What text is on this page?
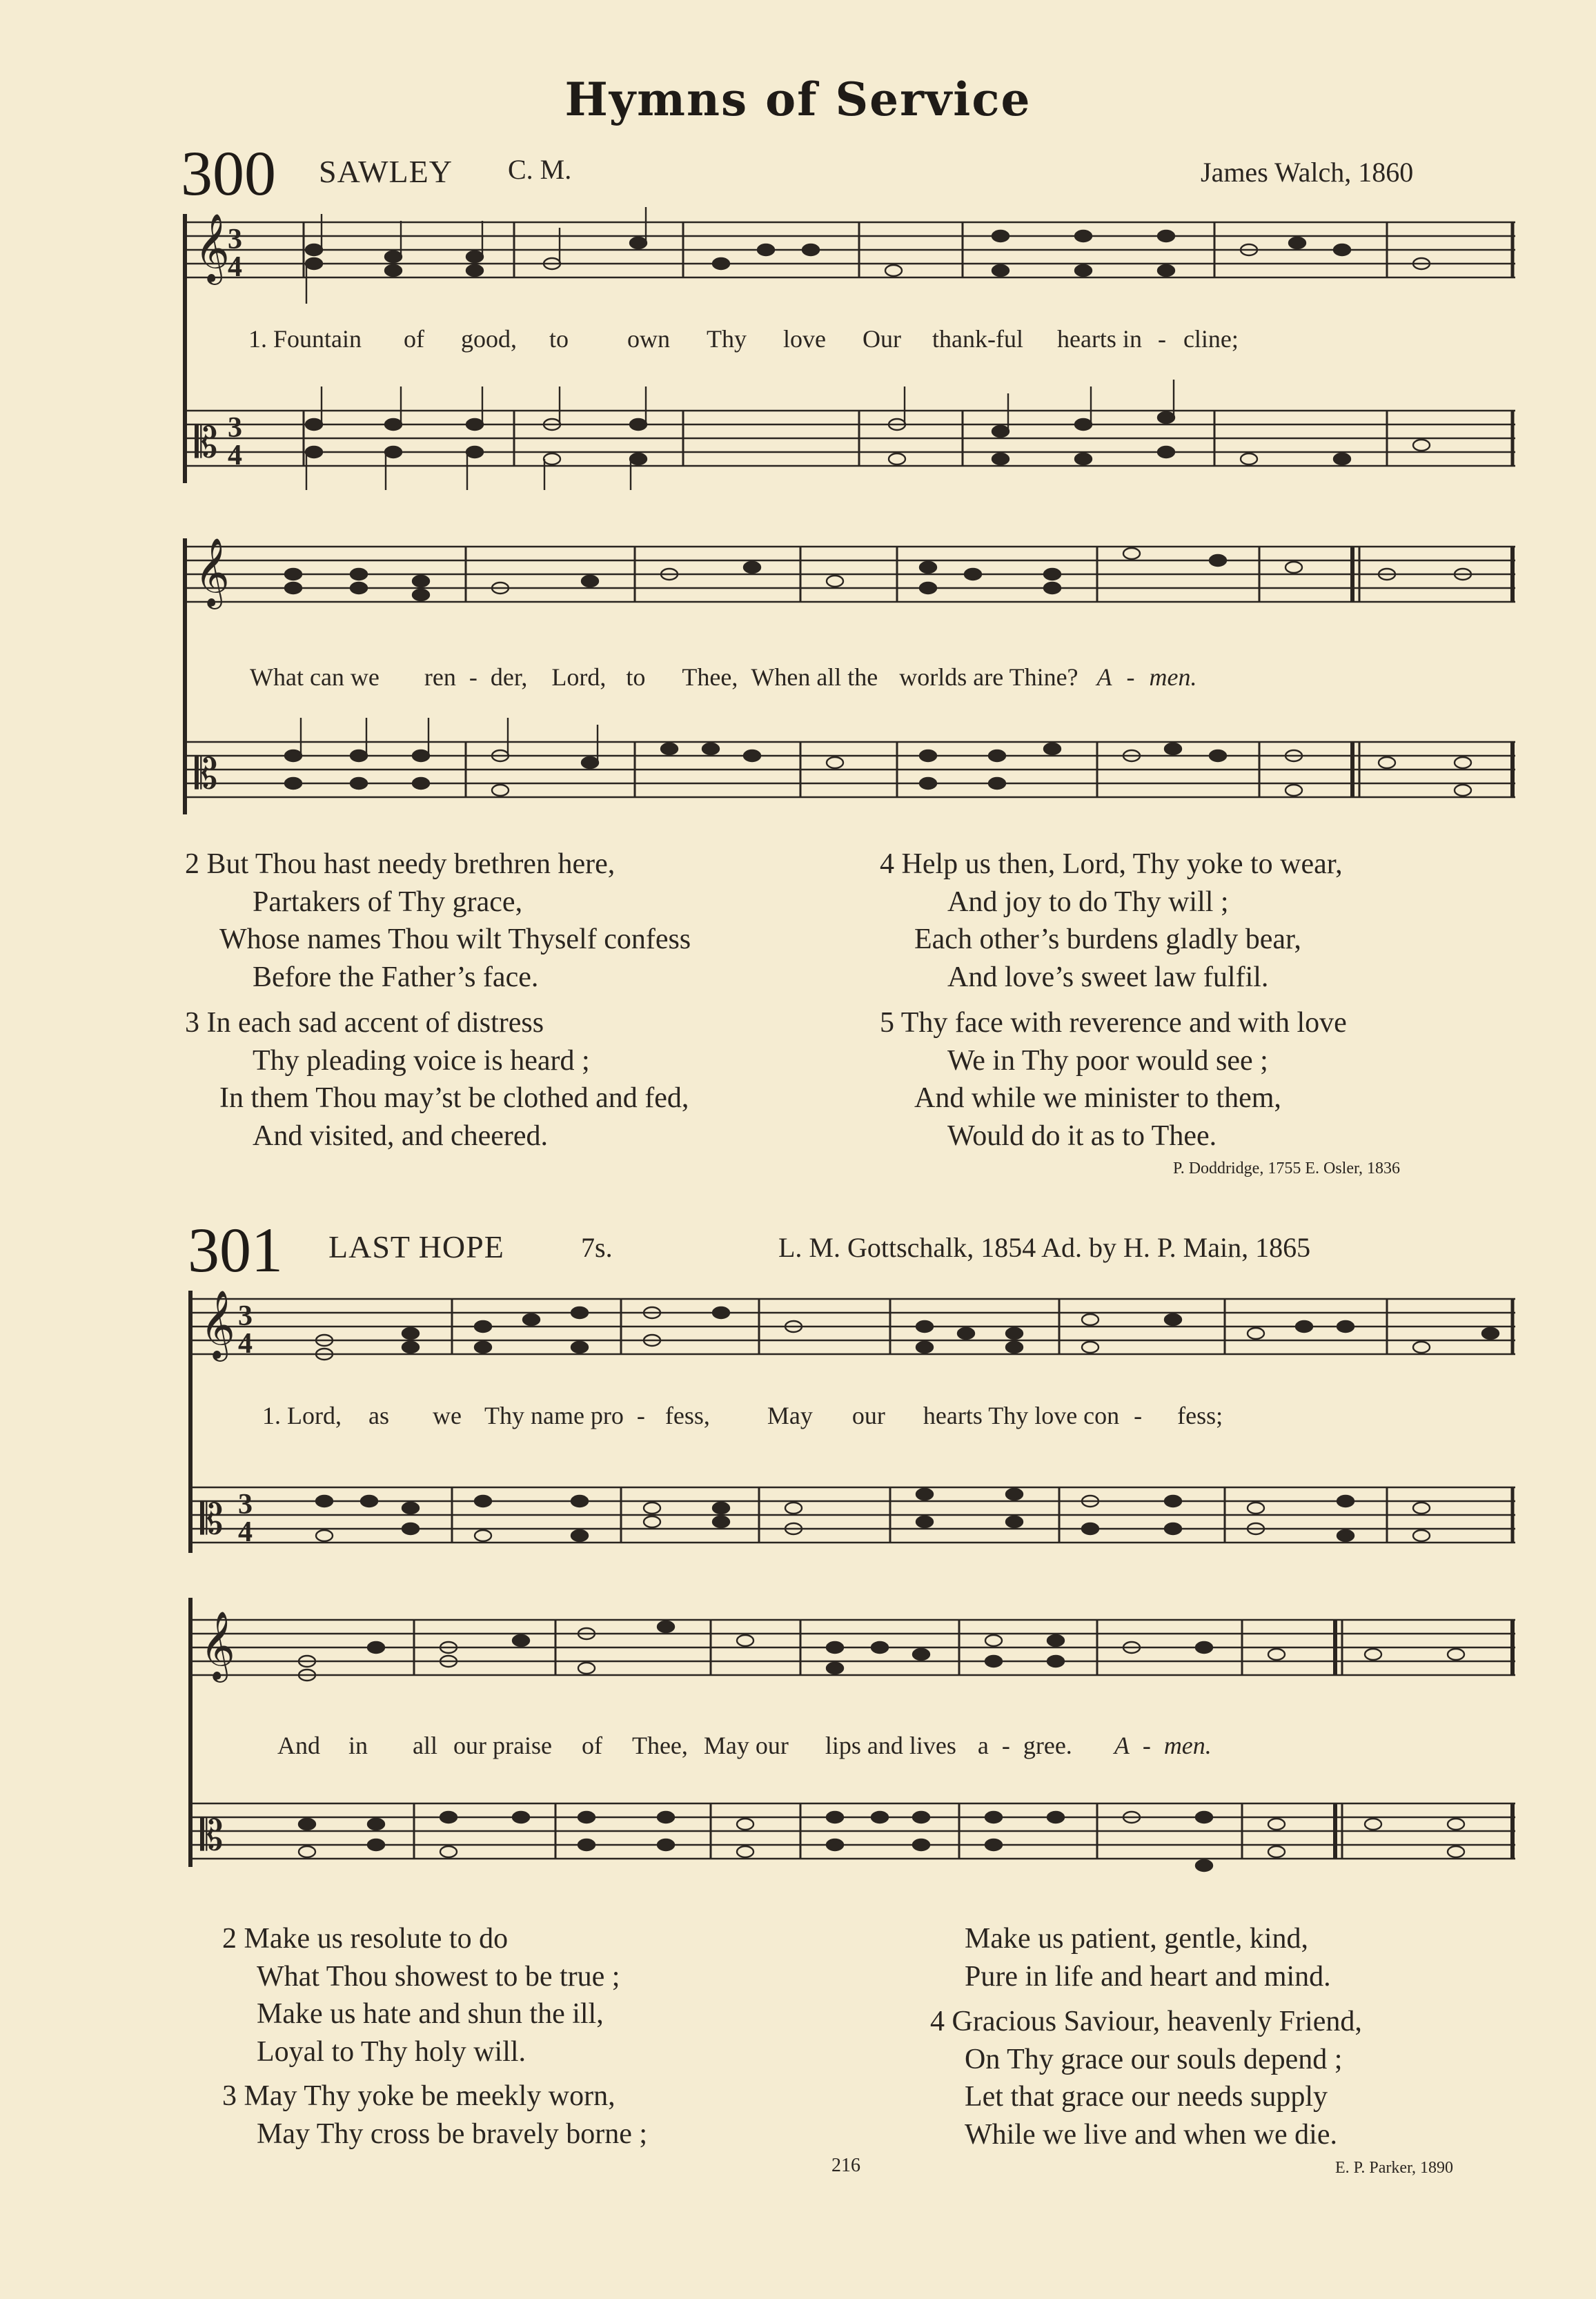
Hymns of Service
300 SAWLEY C. M.	James Walch, 1860
𝄞
𝄡
3
4
3
4
1. Fountain of good, to own Thy love Our thank-ful hearts in - cline;
𝄞
𝄡
What can we ren - der, Lord, to Thee, When all the worlds are Thine? A - men.
2 But Thou hast needy brethren here,
Partakers of Thy grace,
Whose names Thou wilt Thyself confess
Before the Father’s face.
3 In each sad accent of distress
Thy pleading voice is heard ;
In them Thou may’st be clothed and fed,
And visited, and cheered.
4 Help us then, Lord, Thy yoke to wear,
And joy to do Thy will ;
Each other’s burdens gladly bear,
And love’s sweet law fulfil.
5 Thy face with reverence and with love
We in Thy poor would see ;
And while we minister to them,
Would do it as to Thee.
P. Doddridge, 1755 E. Osler, 1836
301 LAST HOPE	7s.	L. M. Gottschalk, 1854 Ad. by H. P. Main, 1865
𝄞
𝄡
3
4
3
4
1. Lord, as we Thy name pro - fess, May our hearts Thy love con - fess;
𝄞
𝄡
And in all our praise of Thee, May our lips and lives a - gree. A - men.
2 Make us resolute to do
What Thou showest to be true ;
Make us hate and shun the ill,
Loyal to Thy holy will.
3 May Thy yoke be meekly worn,
May Thy cross be bravely borne ;
Make us patient, gentle, kind,
Pure in life and heart and mind.
4 Gracious Saviour, heavenly Friend,
On Thy grace our souls depend ;
Let that grace our needs supply
While we live and when we die.
216	E. P. Parker, 1890
